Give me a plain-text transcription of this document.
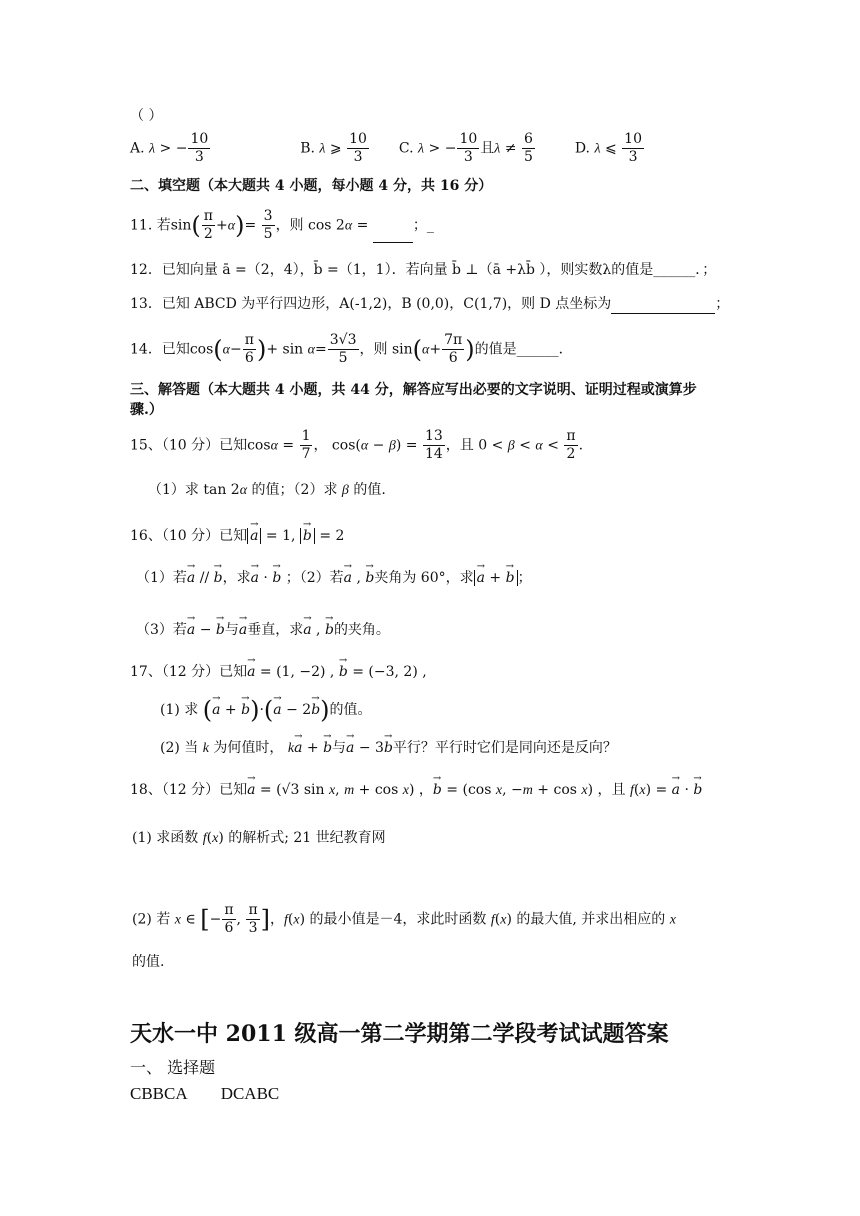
（ ）
A. λ > − $\frac{10}{3}$	B. λ ⩾ $\frac{10}{3} C$. λ > − $\frac{10}{3}$ 且$\lambda \ne \frac{6}{5}$	D. λ ⩽ $\frac{10}{3}$
二、填空题（本大题共 4 小题，每小题 4 分，共 16 分）
11. 若$\sin( \frac{\pi}{2} +\alpha)= \frac{3}{5}$ ，则 cos 2α =	；_
12．已知向量 ā =（2，4），b̄ =（1，1）．若向量 b̄ ⊥（ā +λb̄ ），则实数λ的值是______．；
13．已知 ABCD 为平行四边形，A(-1,2)，B (0,0)，C(1,7)，则 D 点坐标为	；
14．已知$\cos(\alpha- \frac{\pi}{6}$ )+ $\sin \alpha= \frac{3√3}{5}$ ，则 $\sin(\alpha+ \frac{7\pi}{6}$ )的值是______．
三、解答题（本大题共 4 小题，共 44 分，解答应写出必要的文字说明、证明过程或演算步
骤.）
15、（10 分）已知$\cos\alpha = \frac{1}{7}$ ， $\cos(\alpha - \beta) = \frac{13}{14}$ ，且 $0 < \beta < \alpha < \frac{\pi}{2}$ .
（1）求 tan 2α 的值；（2）求 β 的值.
16、（10 分）已知 → a = 1, → b = 2
（1）若→ a // → b，求→ a · → b ；（2）若→ a , → b夹角为 60°，求 → a + → b ；
（3）若→ a − → b与→ a垂直，求→ a , → b的夹角。
17、（12 分）已知→ a = (1, −2) , → b = (−3, 2) ,
(1) 求 (→ a + → b)·(→ a − 2→ b)的值。
(2) 当 k 为何值时， k→ a + → b与→ a − 3→ b平行？平行时它们是同向还是反向？
18、（12 分）已知→ a = (√3 sin x, m + cos x) ，→ b = (cos x, −m + cos x) ，且 f(x) = → a · → b
(1) 求函数 f(x) 的解析式; 21 世纪教育网
(2) 若 x ∈ [− $\frac{\pi}{6}$ , $\frac{\pi}{3}$ ]，f(x) 的最小值是－4，求此时函数 f(x) 的最大值, 并求出相应的 x
的值.
天水一中 2011 级高一第二学期第二学段考试试题答案
一、 选择题
CBBCA        DCABC
